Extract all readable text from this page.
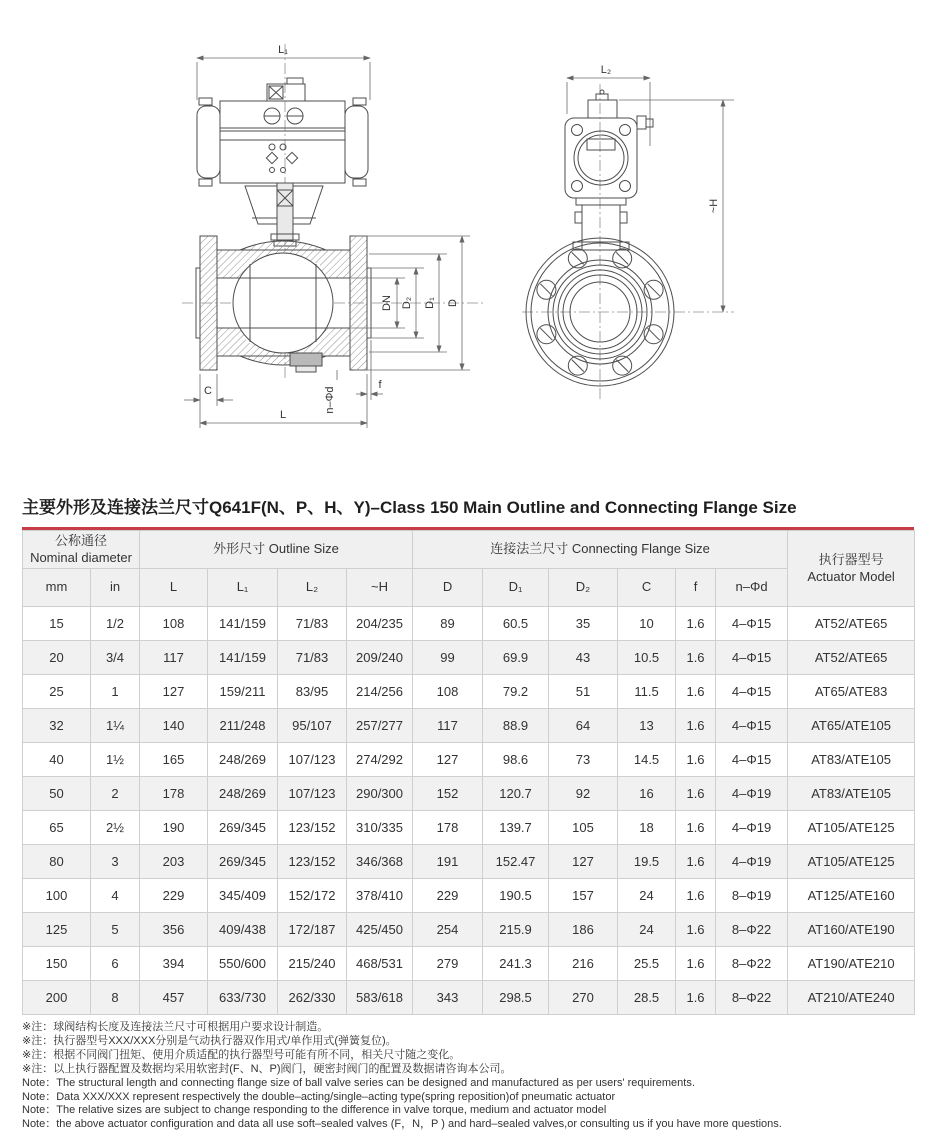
L₁
DN D₂ D₁ D
C	f
n–Φd
L
L₂
~H
主要外形及连接法兰尺寸Q641F(N、P、H、Y)–Class 150 Main Outline and Connecting Flange Size
公称通径
Nominal diameter		外形尺寸 Outline Size				连接法兰尺寸 Connecting Flange Size						执行器型号
Actuator Model
mm	in	L	L₁	L₂	~H	D	D₁	D₂	C	f	n–Φd	
15	1/2	108	141/159	71/83	204/235	89	60.5	35	10	1.6	4–Φ15	AT52/ATE65
20	3/4	117	141/159	71/83	209/240	99	69.9	43	10.5	1.6	4–Φ15	AT52/ATE65
25	1	127	159/211	83/95	214/256	108	79.2	51	11.5	1.6	4–Φ15	AT65/ATE83
32	1¼	140	211/248	95/107	257/277	117	88.9	64	13	1.6	4–Φ15	AT65/ATE105
40	1½	165	248/269	107/123	274/292	127	98.6	73	14.5	1.6	4–Φ15	AT83/ATE105
50	2	178	248/269	107/123	290/300	152	120.7	92	16	1.6	4–Φ19	AT83/ATE105
65	2½	190	269/345	123/152	310/335	178	139.7	105	18	1.6	4–Φ19	AT105/ATE125
80	3	203	269/345	123/152	346/368	191	152.47	127	19.5	1.6	4–Φ19	AT105/ATE125
100	4	229	345/409	152/172	378/410	229	190.5	157	24	1.6	8–Φ19	AT125/ATE160
125	5	356	409/438	172/187	425/450	254	215.9	186	24	1.6	8–Φ22	AT160/ATE190
150	6	394	550/600	215/240	468/531	279	241.3	216	25.5	1.6	8–Φ22	AT190/ATE210
200	8	457	633/730	262/330	583/618	343	298.5	270	28.5	1.6	8–Φ22	AT210/ATE240

※注：球阀结构长度及连接法兰尺寸可根据用户要求设计制造。

※注：执行器型号XXX/XXX分别是气动执行器双作用式/单作用式(弹簧复位)。

※注：根据不同阀门扭矩、使用介质适配的执行器型号可能有所不同，相关尺寸随之变化。

※注：以上执行器配置及数据均采用软密封(F、N、P)阀门，硬密封阀门的配置及数据请咨询本公司。

Note：The structural length and connecting flange size of ball valve series can be designed and manufactured as per users' requirements.

Note：Data XXX/XXX represent respectively the double–acting/single–acting type(spring reposition)of pneumatic actuator

Note：The relative sizes are subject to change responding to the difference in valve torque, medium and actuator model

Note：the above actuator configuration and data all use soft–sealed valves (F，N，P ) and hard–sealed valves,or consulting us if you have more questions.
